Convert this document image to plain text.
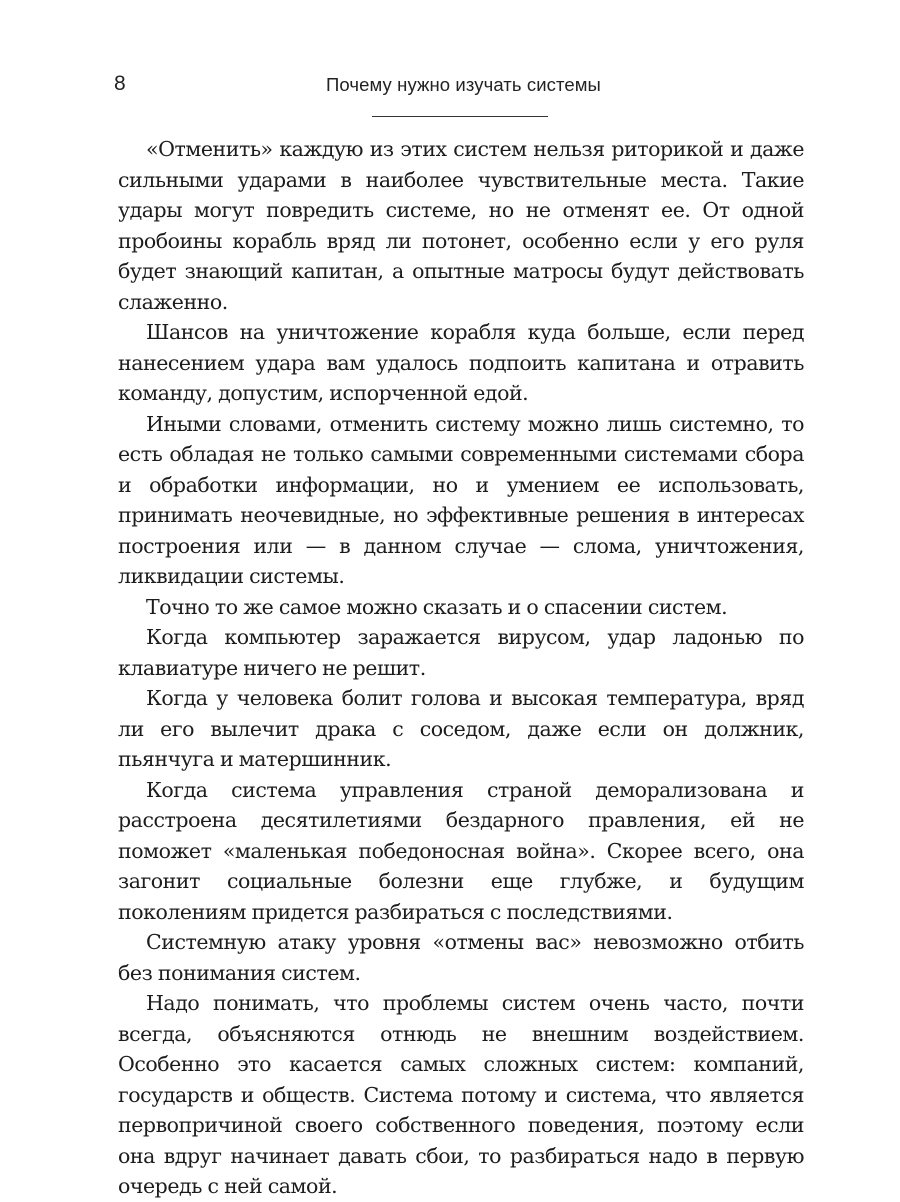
8	Почему нужно изучать системы

«Отменить» каждую из этих систем нельзя риторикой и даже сильными ударами в наиболее чувствительные места. Такие удары могут повредить системе, но не отменят ее. От одной пробоины корабль вряд ли потонет, особенно если у его руля будет знающий капитан, а опытные матросы будут действовать слаженно.

Шансов на уничтожение корабля куда больше, если перед нанесением удара вам удалось подпоить капитана и отравить команду, допустим, испорченной едой.

Иными словами, отменить систему можно лишь системно, то есть обладая не только самыми современными системами сбора и обработки информации, но и умением ее использовать, принимать неочевидные, но эффективные решения в интересах построения или — в данном случае — слома, уничтожения, ликвидации системы.

Точно то же самое можно сказать и о спасении систем.

Когда компьютер заражается вирусом, удар ладонью по клавиатуре ничего не решит.

Когда у человека болит голова и высокая температура, вряд ли его вылечит драка с соседом, даже если он должник, пьянчуга и матершинник.

Когда система управления страной деморализована и расстроена десятилетиями бездарного правления, ей не поможет «маленькая победоносная война». Скорее всего, она загонит социальные болезни еще глубже, и будущим поколениям придется разбираться с последствиями.

Системную атаку уровня «отмены вас» невозможно отбить без понимания систем.

Надо понимать, что проблемы систем очень часто, почти всегда, объясняются отнюдь не внешним воздействием. Особенно это касается самых сложных систем: компаний, государств и обществ. Система потому и система, что является первопричиной своего собственного поведения, поэтому если она вдруг начинает давать сбои, то разбираться надо в первую очередь с ней самой.
